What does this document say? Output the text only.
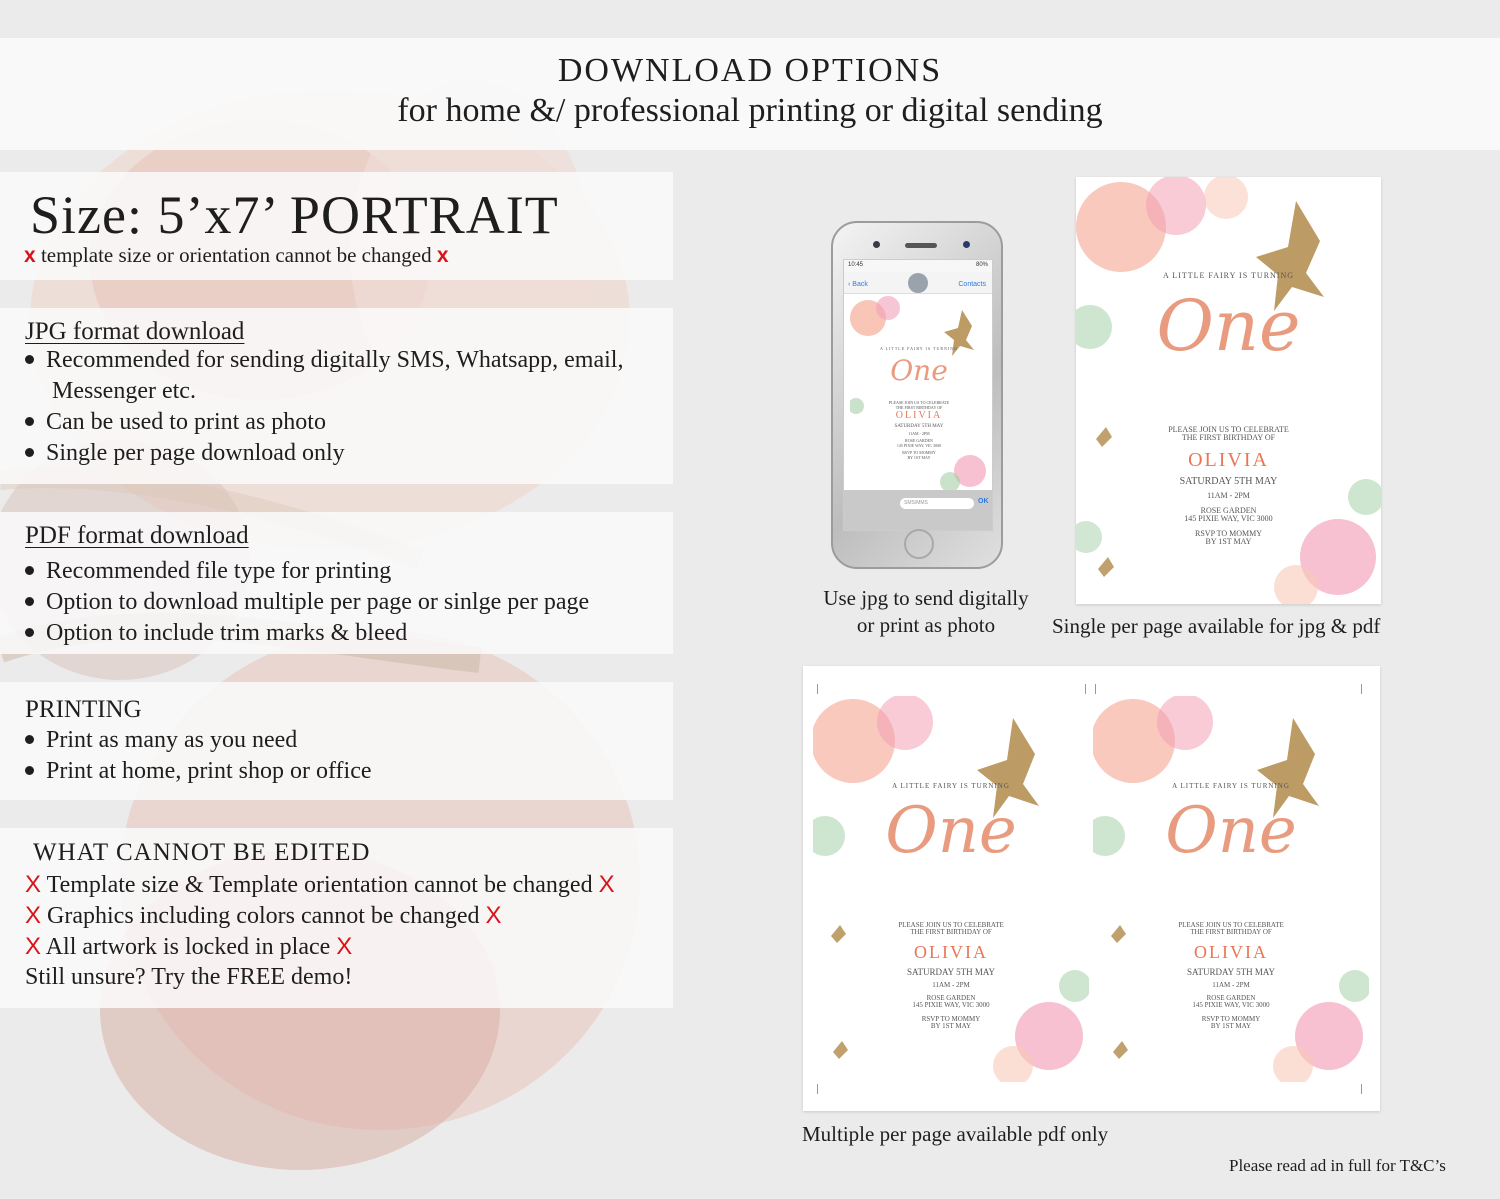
DOWNLOAD OPTIONS
for home &/ professional printing or digital sending
Size: 5’x7’ PORTRAIT
x template size or orientation cannot be changed x
JPG format download
Recommended for sending digitally SMS, Whatsapp, email,
Messenger etc.
Can be used to print as photo
Single per page download only
PDF format download
Recommended file type for printing
Option to download multiple per page or sinlge per page
Option to include trim marks & bleed
PRINTING
Print as many as you need
Print at home, print shop or office
WHAT CANNOT BE EDITED
X Template size & Template orientation cannot be changed X
X Graphics including colors cannot be changed X
X All artwork is locked in place X
Still unsure? Try the FREE demo!
10:45	80%
‹ Back	Contacts
A LITTLE FAIRY IS TURNING
One
PLEASE JOIN US TO CELEBRATE
THE FIRST BIRTHDAY OF
OLIVIA
SATURDAY 5TH MAY
11AM - 2PM
ROSE GARDEN
145 PIXIE WAY, VIC 3000
RSVP TO MOMMY
BY 1ST MAY
SMS/MMS	OK
A LITTLE FAIRY IS TURNING
One
PLEASE JOIN US TO CELEBRATE
THE FIRST BIRTHDAY OF
OLIVIA
SATURDAY 5TH MAY
11AM - 2PM
ROSE GARDEN
145 PIXIE WAY, VIC 3000
RSVP TO MOMMY
BY 1ST MAY
A LITTLE FAIRY IS TURNING
One
PLEASE JOIN US TO CELEBRATE
THE FIRST BIRTHDAY OF
OLIVIA
SATURDAY 5TH MAY
11AM - 2PM
ROSE GARDEN
145 PIXIE WAY, VIC 3000
RSVP TO MOMMY
BY 1ST MAY
A LITTLE FAIRY IS TURNING
One
PLEASE JOIN US TO CELEBRATE
THE FIRST BIRTHDAY OF
OLIVIA
SATURDAY 5TH MAY
11AM - 2PM
ROSE GARDEN
145 PIXIE WAY, VIC 3000
RSVP TO MOMMY
BY 1ST MAY
Use jpg to send digitally
or print as photo	Single per page available for jpg & pdf
Multiple per page available pdf only
Please read ad in full for T&C’s
